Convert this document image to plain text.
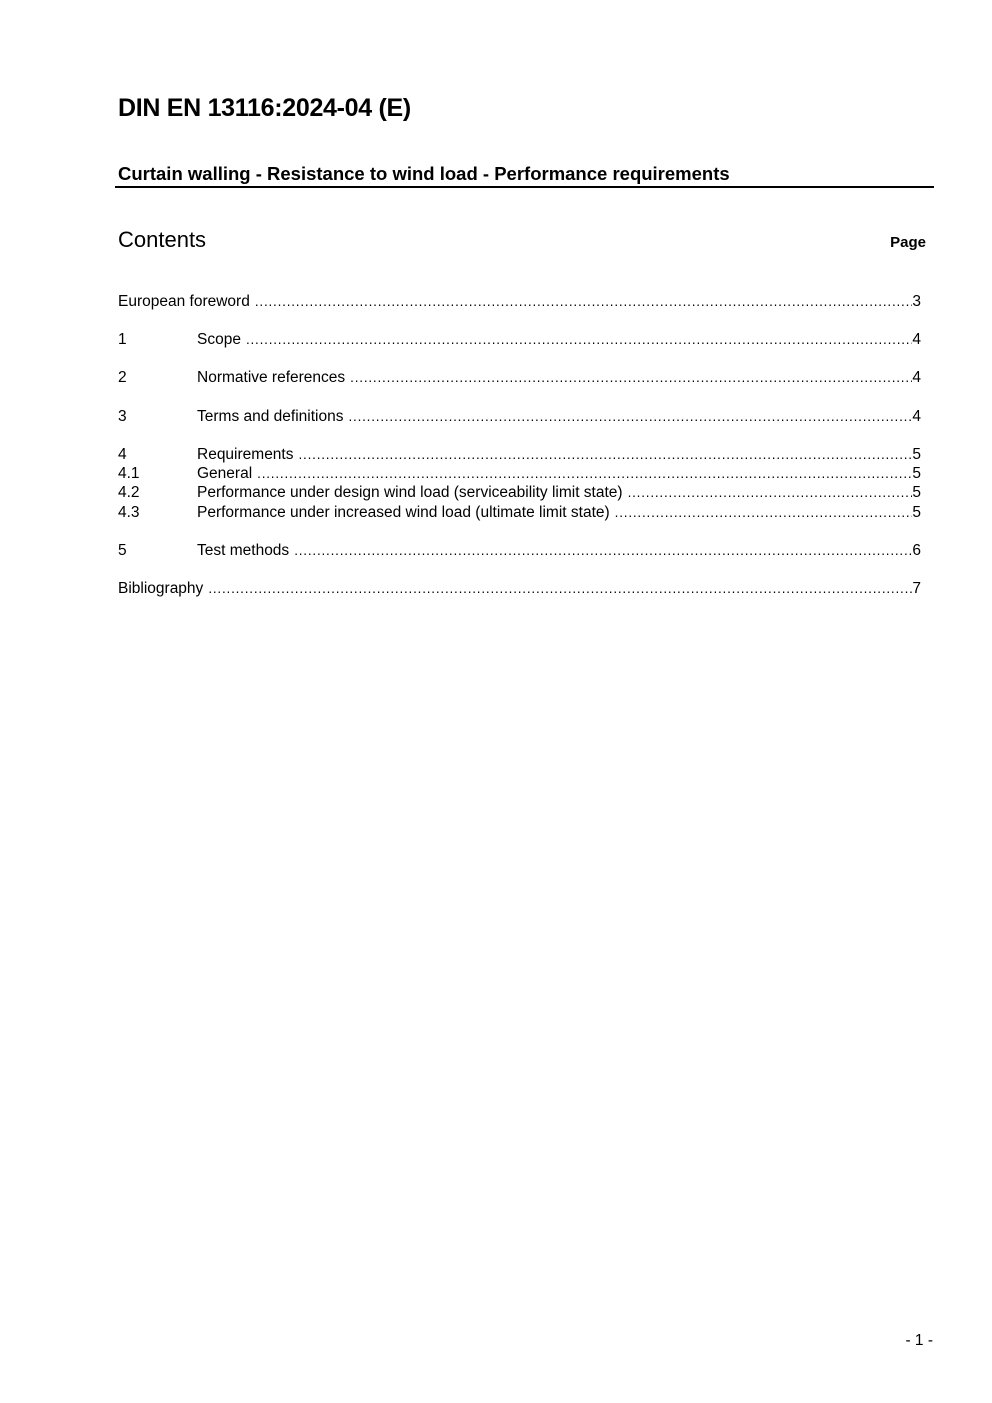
DIN EN 13116:2024-04 (E)
Curtain walling - Resistance to wind load - Performance requirements
Contents	Page
European foreword .....	3
1	Scope .....	4
2	Normative references .....	4
3	Terms and definitions .....	4
4	Requirements .....	5
4.1	General .....	5
4.2	Performance under design wind load (serviceability limit state) .....	5
4.3	Performance under increased wind load (ultimate limit state) .....	5
5	Test methods .....	6
Bibliography .....	7
- 1 -
